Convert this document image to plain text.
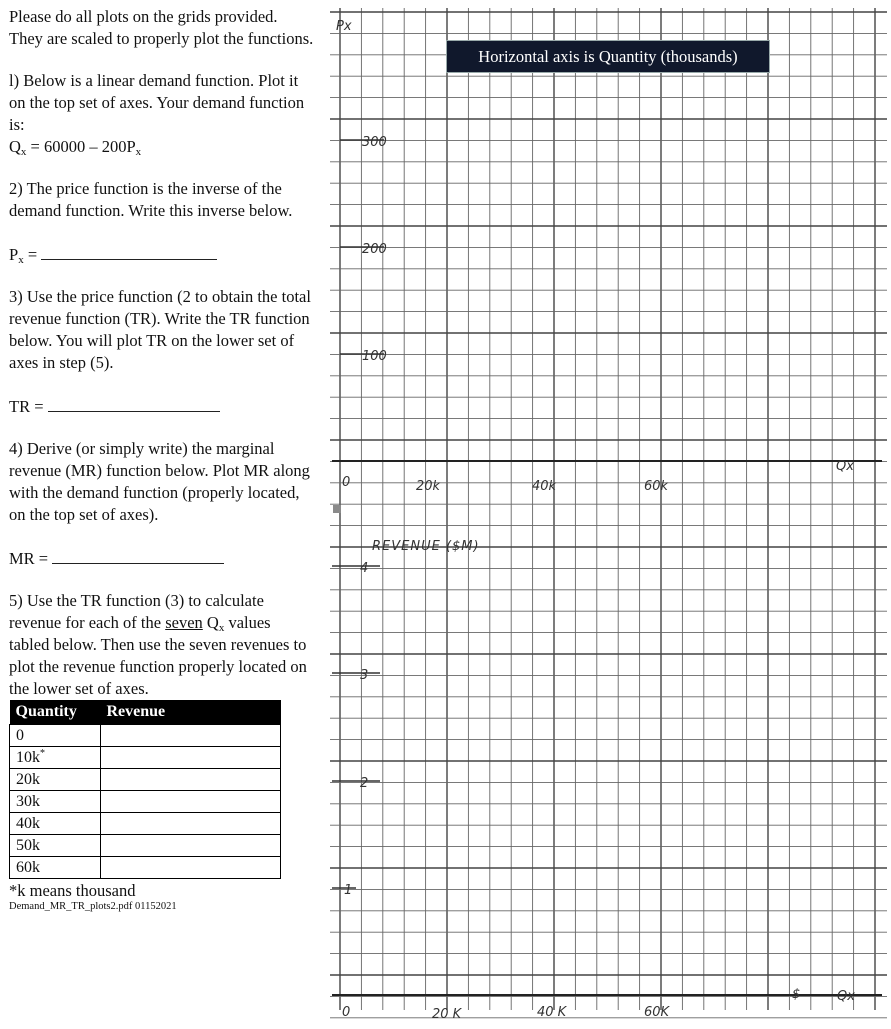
Please do all plots on the grids provided. They are scaled to properly plot the functions.

l) Below is a linear demand function. Plot it on the top set of axes. Your demand function is:

$Q_x = 60000 - 200P_x$

2) The price function is the inverse of the demand function. Write this inverse below.

$P_x$ =

3) Use the price function (2 to obtain the total revenue function (TR). Write the TR function below. You will plot TR on the lower set of axes in step (5).

TR =

4) Derive (or simply write) the marginal revenue (MR) function below. Plot MR along with the demand function (properly located, on the top set of axes).

MR =

5) Use the TR function (3) to calculate revenue for each of the seven $Q_x$ values tabled below. Then use the seven revenues to plot the revenue function properly located on the lower set of axes.

Quantity	Revenue
0	
10k*	
20k	
30k	
40k	
50k	
60k	
*k means thousand
Demand_MR_TR_plots2.pdf 01152021
Px
300
200
100
0	20k	40k	60k
Qx
REVENUE ($M)
4
3
2
1
0	20 K	40 K	60K
$	Qx
Horizontal axis is Quantity (thousands)
